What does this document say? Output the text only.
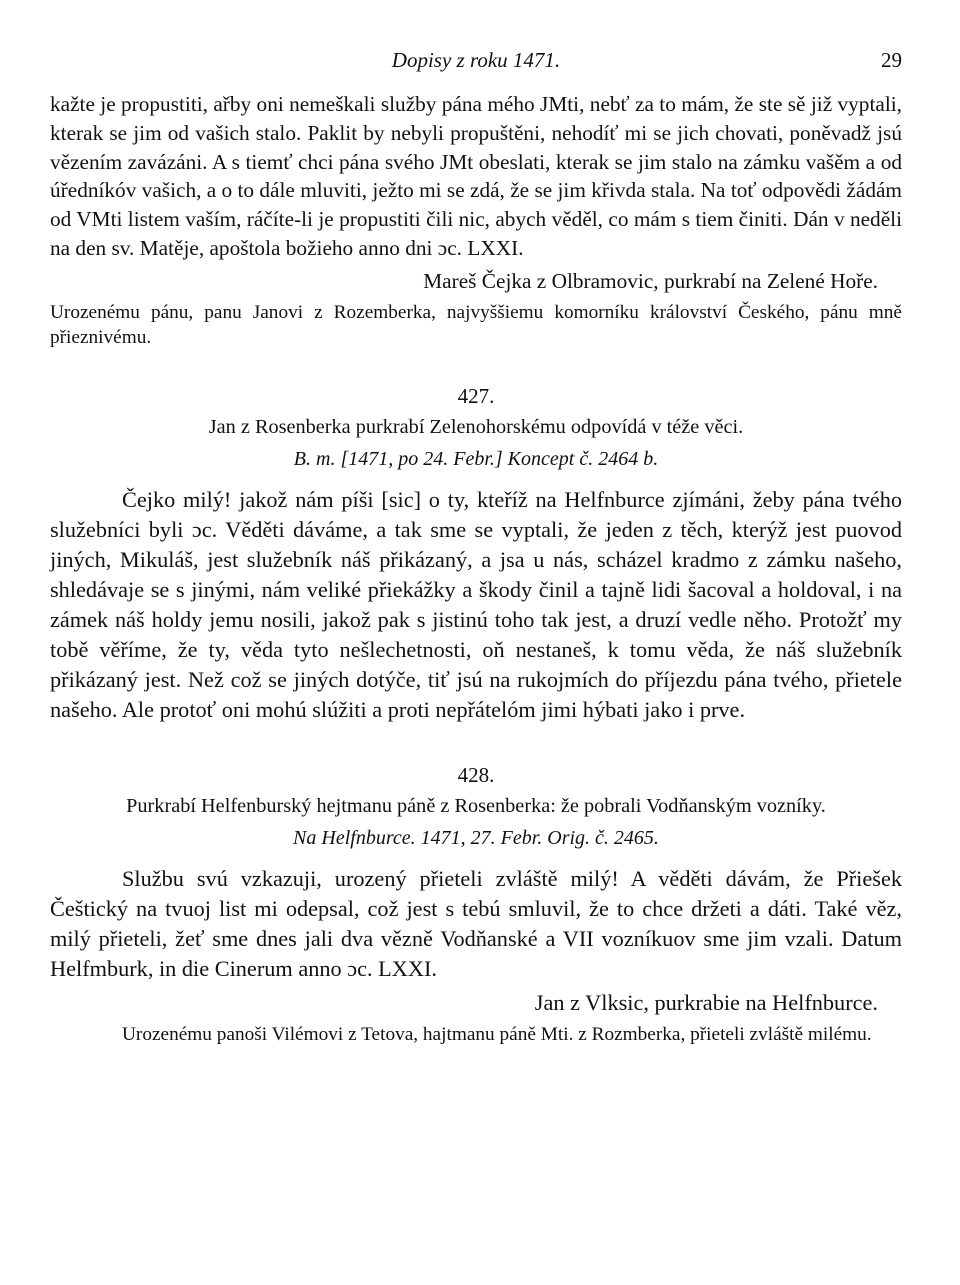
Dopisy z roku 1471.	29

kažte je propustiti, ařby oni nemeškali služby pána mého JMti, nebť za to mám, že ste sě již vyptali, kterak se jim od vašich stalo. Paklit by nebyli propuštěni, nehodíť mi se jich chovati, poněvadž jsú vězením zavázáni. A s tiemť chci pána svého JMt obeslati, kterak se jim stalo na zámku vašěm a od úředníkóv vašich, a o to dále mluviti, ježto mi se zdá, že se jim křivda stala. Na toť odpovědi žádám od VMti listem vaším, ráčíte-li je propustiti čili nic, abych věděl, co mám s tiem činiti. Dán v neděli na den sv. Matěje, apoštola božieho anno dni ɔc. LXXI.

Mareš Čejka z Olbramovic, purkrabí na Zelené Hoře.

Urozenému pánu, panu Janovi z Rozemberka, najvyššiemu komorníku království Českého, pánu mně přieznivému.

427.

Jan z Rosenberka purkrabí Zelenohorskému odpovídá v téže věci.

B. m. [1471, po 24. Febr.] Koncept č. 2464 b.

Čejko milý! jakož nám píši [sic] o ty, kteříž na Helfnburce zjímáni, žeby pána tvého služebníci byli ɔc. Věděti dáváme, a tak sme se vyptali, že jeden z těch, kterýž jest puovod jiných, Mikuláš, jest služebník náš přikázaný, a jsa u nás, scházel kradmo z zámku našeho, shledávaje se s jinými, nám veliké přiekážky a škody činil a tajně lidi šacoval a holdoval, i na zámek náš holdy jemu nosili, jakož pak s jistinú toho tak jest, a druzí vedle něho. Protožť my tobě věříme, že ty, věda tyto nešlechetnosti, oň nestaneš, k tomu věda, že náš služebník přikázaný jest. Než což se jiných dotýče, tiť jsú na rukojmích do příjezdu pána tvého, přietele našeho. Ale protoť oni mohú slúžiti a proti nepřátelóm jimi hýbati jako i prve.

428.

Purkrabí Helfenburský hejtmanu páně z Rosenberka: že pobrali Vodňanským vozníky.

Na Helfnburce. 1471, 27. Febr. Orig. č. 2465.

Službu svú vzkazuji, urozený přieteli zvláště milý! A věděti dávám, že Přiešek Češtický na tvuoj list mi odepsal, což jest s tebú smluvil, že to chce držeti a dáti. Také věz, milý přieteli, žeť sme dnes jali dva vězně Vodňanské a VII vozníkuov sme jim vzali. Datum Helfmburk, in die Cinerum anno ɔc. LXXI.

Jan z Vlksic, purkrabie na Helfnburce.

Urozenému panoši Vilémovi z Tetova, hajtmanu páně Mti. z Rozmberka, přieteli zvláště milému.
